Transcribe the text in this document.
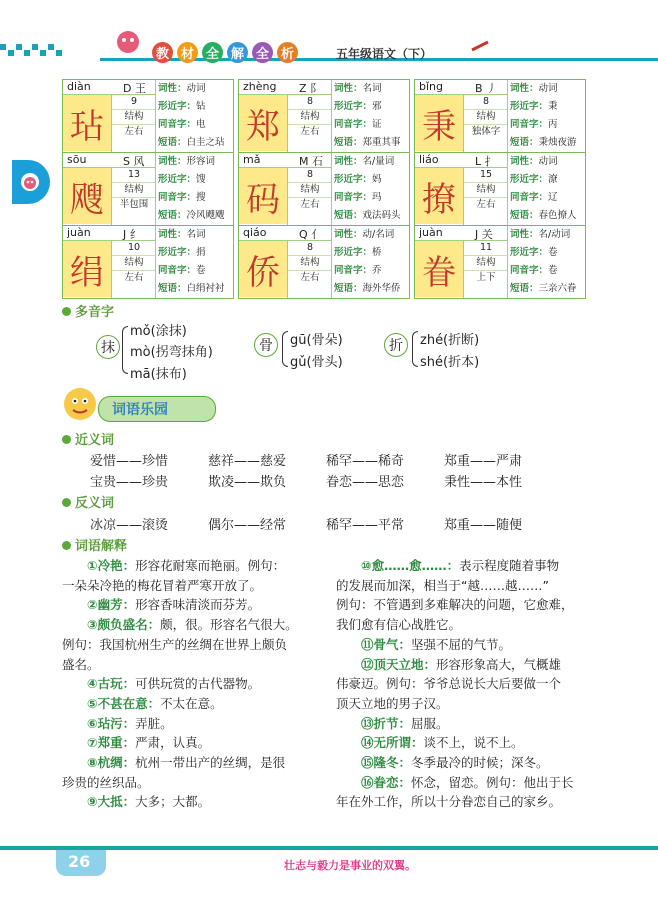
教 材 全 解 全 析	五年级语文（下）
diàn	D 王
玷
9
结构
左右
词性：动词
形近字：钻
同音字：电
短语：白圭之玷
zhèng Z 阝
郑
8
结构
左右
词性：名词
形近字：邪
同音字：证
短语：郑重其事
bǐng	B 丿
秉
8
结构
独体字
词性：动词
形近字：秉
同音字：丙
短语：秉烛夜游
sōu	S 风
飕
13
结构
半包围
词性：形容词
形近字：馊
同音字：搜
短语：冷风飕飕
mǎ	M 石
码
8
结构
左右
词性：名/量词
形近字：妈
同音字：玛
短语：戏法码头
liáo	L 扌
撩
15
结构
左右
词性：动词
形近字：潦
同音字：辽
短语：春色撩人
juàn	J 纟
绢
10
结构
左右
词性：名词
形近字：捐
同音字：卷
短语：白绢衬衬
qiáo	Q 亻
侨
8
结构
左右
词性：动/名词
形近字：桥
同音字：乔
短语：海外华侨
juàn	J 关
眷
11
结构
上下
词性：名/动词
形近字：卷
同音字：卷
短语：三亲六眷
多音字
抹
mǒ(涂抹)
mò(拐弯抹角)
mā(抹布)
骨	gū(骨朵)
gǔ(骨头)
折	zhé(折断)
shé(折本)
词语乐园
近义词
反义词
词语解释
爱惜——珍惜	慈祥——慈爱	稀罕——稀奇	郑重——严肃
宝贵——珍贵	欺凌——欺负	眷恋——思恋	秉性——本性
冰凉——滚烫	偶尔——经常	稀罕——平常	郑重——随便
①冷艳：形容花耐寒而艳丽。例句：
一朵朵冷艳的梅花冒着严寒开放了。
②幽芳：形容香味清淡而芬芳。
③颇负盛名：颇，很。形容名气很大。
例句：我国杭州生产的丝绸在世界上颇负
盛名。
④古玩：可供玩赏的古代器物。
⑤不甚在意：不太在意。
⑥玷污：弄脏。
⑦郑重：严肃，认真。
⑧杭绸：杭州一带出产的丝绸，是很
珍贵的丝织品。
⑨大抵：大多；大都。
⑩愈……愈……：表示程度随着事物
的发展而加深，相当于“越……越……”
例句：不管遇到多难解决的问题，它愈难，
我们愈有信心战胜它。
⑪骨气：坚强不屈的气节。
⑫顶天立地：形容形象高大，气概雄
伟豪迈。例句：爷爷总说长大后要做一个
顶天立地的男子汉。
⑬折节：屈服。
⑭无所谓：谈不上，说不上。
⑮隆冬：冬季最冷的时候；深冬。
⑯眷恋：怀念，留恋。例句：他出于长
年在外工作，所以十分眷恋自己的家乡。
26	壮志与毅力是事业的双翼。
